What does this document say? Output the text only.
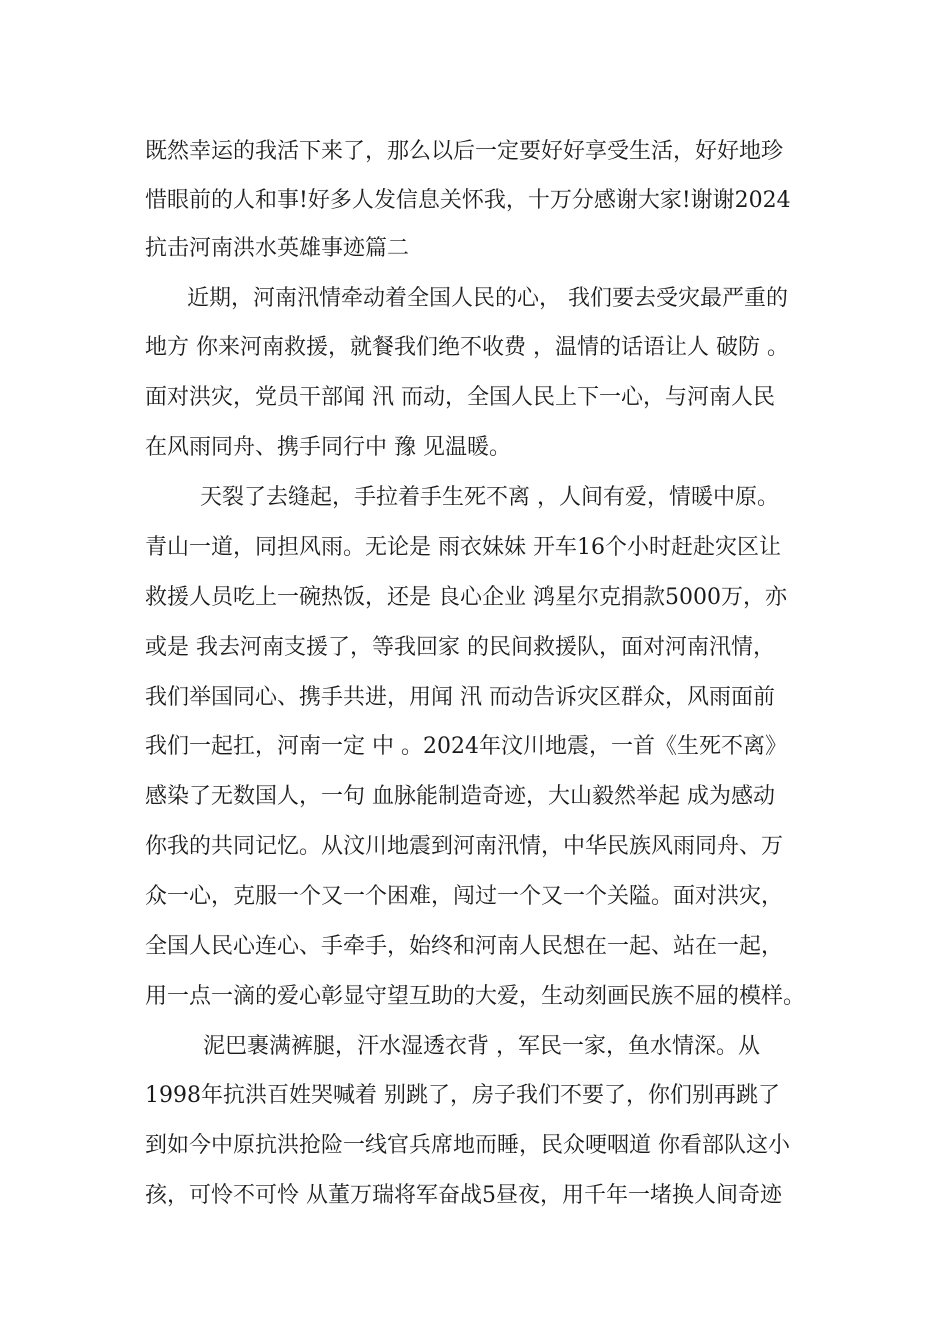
既然幸运的我活下来了，那么以后一定要好好享受生活，好好地珍
惜眼前的人和事!好多人发信息关怀我，十万分感谢大家!谢谢2024
抗击河南洪水英雄事迹篇二
近期，河南汛情牵动着全国人民的心， 我们要去受灾最严重的
地方 你来河南救援，就餐我们绝不收费 ，温情的话语让人 破防 。
面对洪灾，党员干部闻 汛 而动，全国人民上下一心，与河南人民
在风雨同舟、携手同行中 豫 见温暖。
天裂了去缝起，手拉着手生死不离 ，人间有爱，情暖中原。
青山一道，同担风雨。无论是 雨衣妹妹 开车16个小时赶赴灾区让
救援人员吃上一碗热饭，还是 良心企业 鸿星尔克捐款5000万，亦
或是 我去河南支援了，等我回家 的民间救援队，面对河南汛情，
我们举国同心、携手共进，用闻 汛 而动告诉灾区群众，风雨面前
我们一起扛，河南一定 中 。2024年汶川地震，一首《生死不离》
感染了无数国人，一句 血脉能制造奇迹，大山毅然举起 成为感动
你我的共同记忆。从汶川地震到河南汛情，中华民族风雨同舟、万
众一心，克服一个又一个困难，闯过一个又一个关隘。面对洪灾，
全国人民心连心、手牵手，始终和河南人民想在一起、站在一起，
用一点一滴的爱心彰显守望互助的大爱，生动刻画民族不屈的模样。
泥巴裹满裤腿，汗水湿透衣背 ，军民一家，鱼水情深。从
1998年抗洪百姓哭喊着 别跳了，房子我们不要了，你们别再跳了
到如今中原抗洪抢险一线官兵席地而睡，民众哽咽道 你看部队这小
孩，可怜不可怜 从董万瑞将军奋战5昼夜，用千年一堵换人间奇迹
